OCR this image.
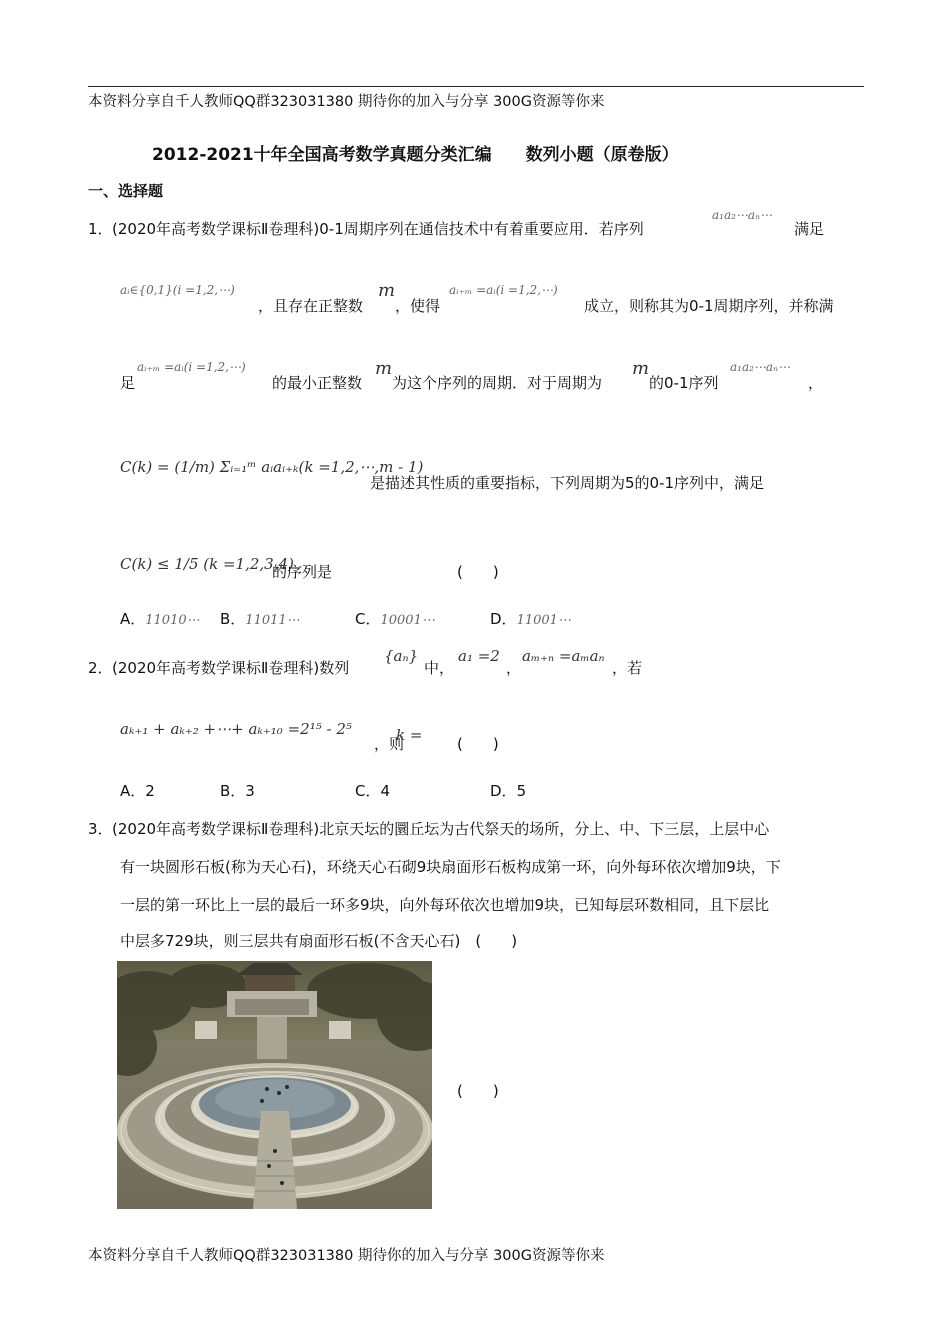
本资料分享自千人教师QQ群323031380 期待你的加入与分享 300G资源等你来
2012-2021十年全国高考数学真题分类汇编 数列小题（原卷版）
一、选择题
1． (2020年高考数学课标Ⅱ卷理科)0-1周期序列在通信技术中有着重要应用．若序列
a₁a₂⋯aₙ⋯
满足
aᵢ∈{0,1}(i =1,2,⋯)
，且存在正整数
m
，使得
aᵢ₊ₘ =aᵢ(i =1,2,⋯)
成立，则称其为0-1周期序列，并称满
足
aᵢ₊ₘ =aᵢ(i =1,2,⋯)
的最小正整数
m
为这个序列的周期．对于周期为
m
的0-1序列
a₁a₂⋯aₙ⋯
，
C(k) = (1/m) Σᵢ₌₁ᵐ aᵢaᵢ₊ₖ(k =1,2,⋯,m - 1)
是描述其性质的重要指标，下列周期为5的0-1序列中，满足
C(k) ≤ 1/5 (k =1,2,3,4)
的序列是	(　　)
A．11010⋯ B．11011⋯	C．10001⋯	D．11001⋯
2． (2020年高考数学课标Ⅱ卷理科)数列
{aₙ}
中，
a₁ =2
，
aₘ₊ₙ =aₘaₙ
，若
aₖ₊₁ + aₖ₊₂ +⋯+ aₖ₊₁₀ =2¹⁵ - 2⁵
，则
k = (　　)
A．2	B．3	C．4	D．5
3． (2020年高考数学课标Ⅱ卷理科)北京天坛的圜丘坛为古代祭天的场所，分上、中、下三层，上层中心
有一块圆形石板(称为天心石)，环绕天心石砌9块扇面形石板构成第一环，向外每环依次增加9块，下
一层的第一环比上一层的最后一环多9块，向外每环依次也增加9块，已知每层环数相同，且下层比
中层多729块，则三层共有扇面形石板(不含天心石)　(　　)
(　　)
本资料分享自千人教师QQ群323031380 期待你的加入与分享 300G资源等你来
